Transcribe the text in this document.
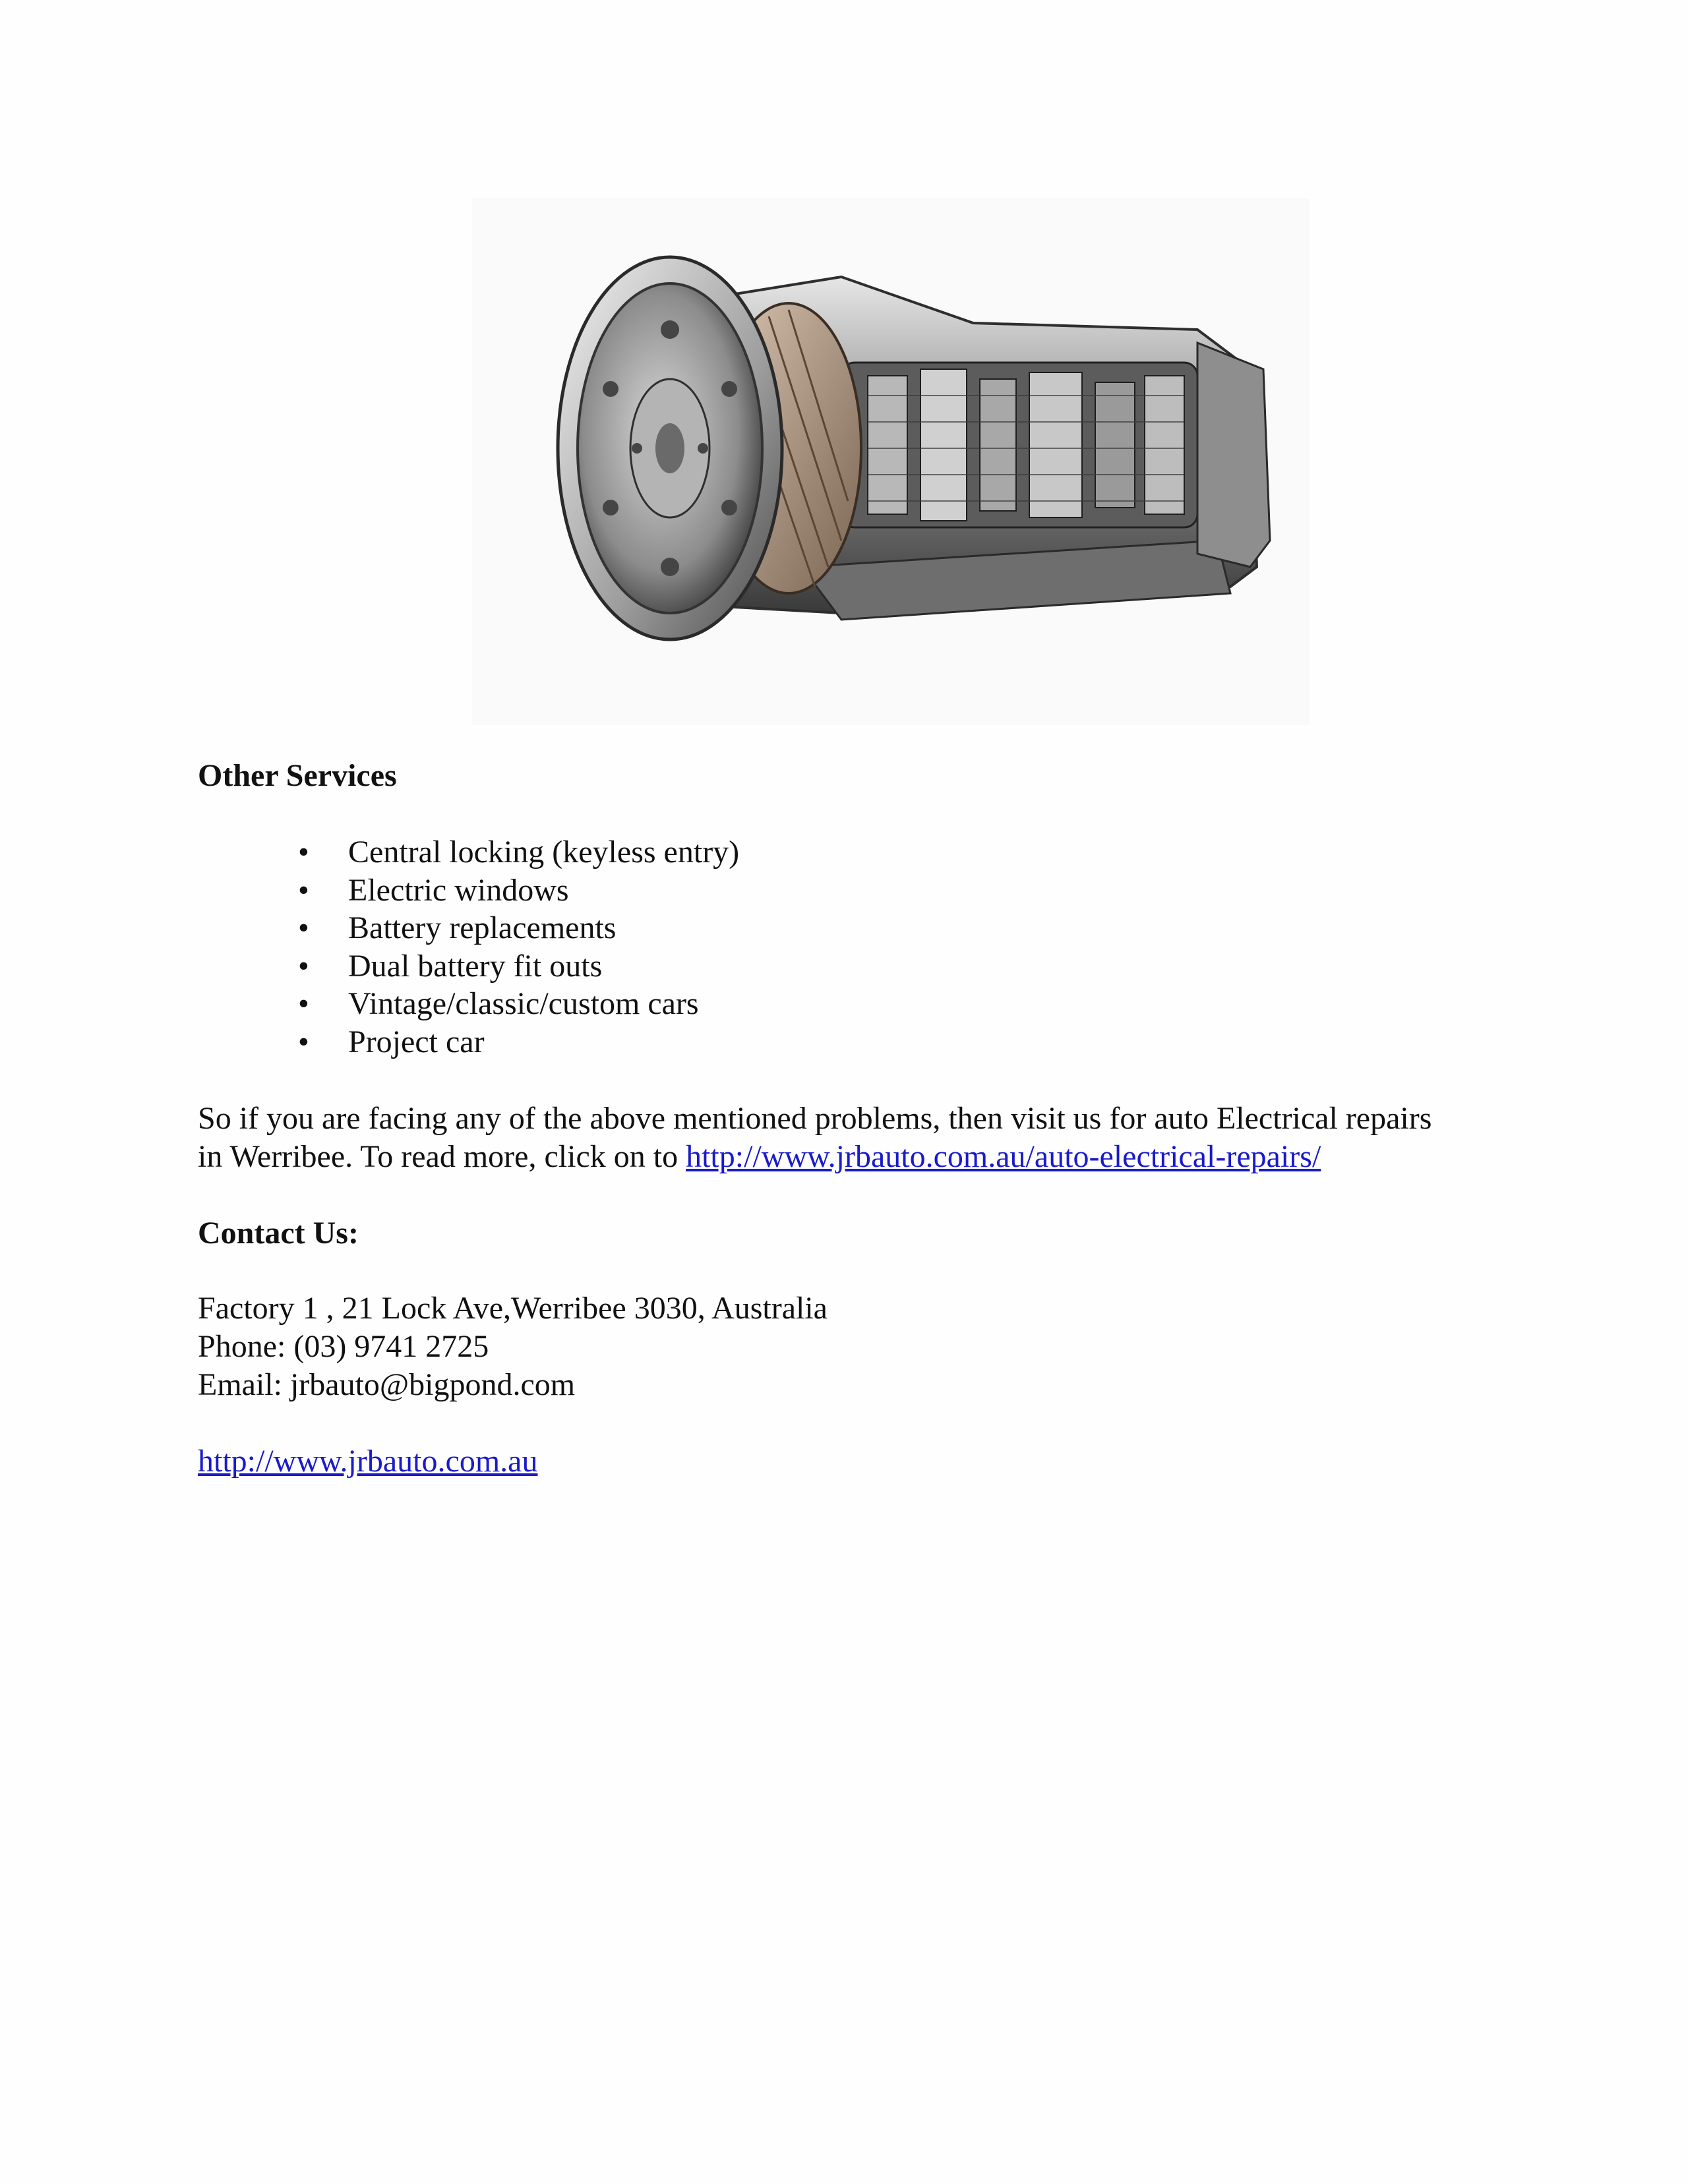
Other Services
•	Central locking (keyless entry)
•	Electric windows
•	Battery replacements
•	Dual battery fit outs
•	Vintage/classic/custom cars
•	Project car
So if you are facing any of the above mentioned problems, then visit us for auto Electrical repairs
in Werribee. To read more, click on to http://www.jrbauto.com.au/auto-electrical-repairs/
Contact Us:
Factory 1 , 21 Lock Ave,Werribee 3030, Australia
Phone: (03) 9741 2725
Email: jrbauto@bigpond.com
http://www.jrbauto.com.au
